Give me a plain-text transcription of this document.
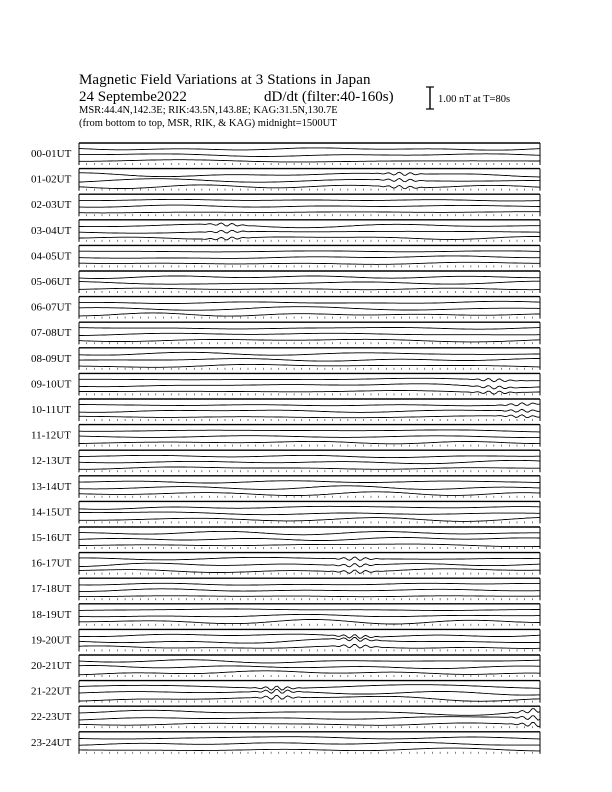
Magnetic Field Variations at 3 Stations in Japan
24 Septembe2022	dD/dt (filter:40-160s)
MSR:44.4N,142.3E; RIK:43.5N,143.8E; KAG:31.5N,130.7E
(from bottom to top, MSR, RIK, & KAG) midnight=1500UT
1.00 nT at T=80s
00-01UT
01-02UT
02-03UT
03-04UT
04-05UT
05-06UT
06-07UT
07-08UT
08-09UT
09-10UT
10-11UT
11-12UT
12-13UT
13-14UT
14-15UT
15-16UT
16-17UT
17-18UT
18-19UT
19-20UT
20-21UT
21-22UT
22-23UT
23-24UT
